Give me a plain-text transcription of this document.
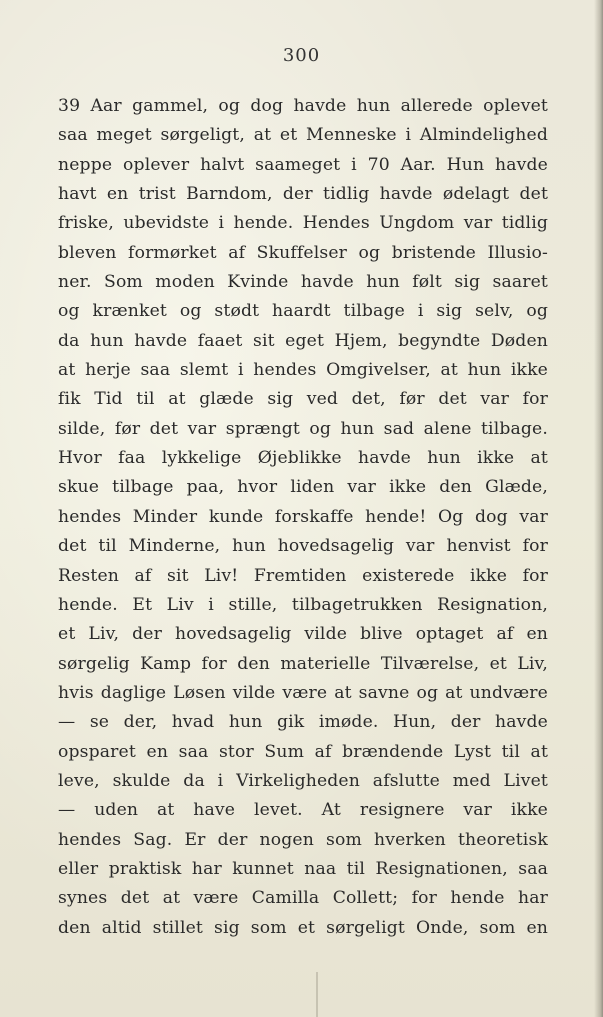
300
39 Aar gammel, og dog havde hun allerede oplevet
saa meget sørgeligt, at et Menneske i Almindelighed
neppe oplever halvt saameget i 70 Aar. Hun havde
havt en trist Barndom, der tidlig havde ødelagt det
friske, ubevidste i hende. Hendes Ungdom var tidlig
bleven formørket af Skuffelser og bristende Illusio-
ner. Som moden Kvinde havde hun følt sig saaret
og krænket og stødt haardt tilbage i sig selv, og
da hun havde faaet sit eget Hjem, begyndte Døden
at herje saa slemt i hendes Omgivelser, at hun ikke
fik Tid til at glæde sig ved det, før det var for
silde, før det var sprængt og hun sad alene tilbage.
Hvor faa lykkelige Øjeblikke havde hun ikke at
skue tilbage paa, hvor liden var ikke den Glæde,
hendes Minder kunde forskaffe hende! Og dog var
det til Minderne, hun hovedsagelig var henvist for
Resten af sit Liv! Fremtiden existerede ikke for
hende. Et Liv i stille, tilbagetrukken Resignation,
et Liv, der hovedsagelig vilde blive optaget af en
sørgelig Kamp for den materielle Tilværelse, et Liv,
hvis daglige Løsen vilde være at savne og at undvære
— se der, hvad hun gik imøde. Hun, der havde
opsparet en saa stor Sum af brændende Lyst til at
leve, skulde da i Virkeligheden afslutte med Livet
— uden at have levet. At resignere var ikke
hendes Sag. Er der nogen som hverken theoretisk
eller praktisk har kunnet naa til Resignationen, saa
synes det at være Camilla Collett; for hende har
den altid stillet sig som et sørgeligt Onde, som en
